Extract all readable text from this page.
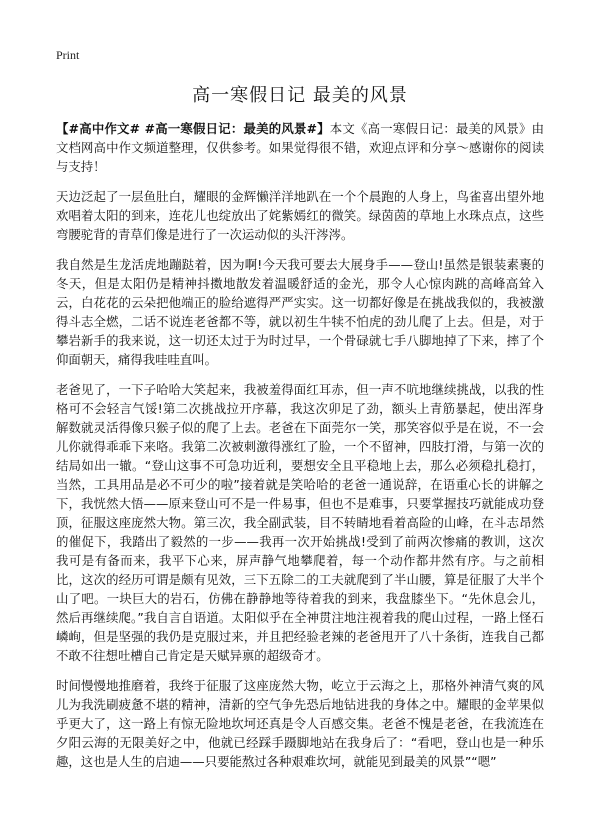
Print
高一寒假日记 最美的风景

【#高中作文# #高一寒假日记：最美的风景#】本文《高一寒假日记：最美的风景》由文档网高中作文频道整理，仅供参考。如果觉得很不错，欢迎点评和分享～感谢你的阅读与支持！

天边泛起了一层鱼肚白，耀眼的金辉懒洋洋地趴在一个个晨跑的人身上，鸟雀喜出望外地欢唱着太阳的到来，连花儿也绽放出了姹紫嫣红的微笑。绿茵茵的草地上水珠点点，这些弯腰驼背的青草们像是进行了一次运动似的头汗涔涔。

我自然是生龙活虎地蹦跶着，因为啊!今天我可要去大展身手——登山!虽然是银装素裹的冬天，但是太阳仍是精神抖擞地散发着温暖舒适的金光，那令人心惊肉跳的高峰高耸入云，白花花的云朵把他端正的脸给遮得严严实实。这一切都好像是在挑战我似的，我被激得斗志全燃，二话不说连老爸都不等，就以初生牛犊不怕虎的劲儿爬了上去。但是，对于攀岩新手的我来说，这一切还太过于为时过早，一个骨碌就七手八脚地掉了下来，摔了个仰面朝天，痛得我哇哇直叫。

老爸见了，一下子哈哈大笑起来，我被羞得面红耳赤，但一声不吭地继续挑战，以我的性格可不会轻言气馁!第二次挑战拉开序幕，我这次卯足了劲，额头上青筋暴起，使出浑身解数就灵活得像只猴子似的爬了上去。老爸在下面莞尔一笑，那笑容似乎是在说，不一会儿你就得乖乖下来咯。我第二次被刺激得涨红了脸，一个不留神，四肢打滑，与第一次的结局如出一辙。“登山这事不可急功近利，要想安全且平稳地上去，那么必须稳扎稳打，当然，工具用品是必不可少的啦”接着就是笑哈哈的老爸一通说辞，在语重心长的讲解之下，我恍然大悟——原来登山可不是一件易事，但也不是难事，只要掌握技巧就能成功登顶，征服这座庞然大物。第三次，我全副武装，目不转睛地看着高险的山峰，在斗志昂然的催促下，我踏出了毅然的一步——我再一次开始挑战!受到了前两次惨痛的教训，这次我可是有备而来，我平下心来，屏声静气地攀爬着，每一个动作都井然有序。与之前相比，这次的经历可谓是颇有见效，三下五除二的工夫就爬到了半山腰，算是征服了大半个山了吧。一块巨大的岩石，仿佛在静静地等待着我的到来，我盘膝坐下。“先休息会儿，然后再继续爬。”我自言自语道。太阳似乎在全神贯注地注视着我的爬山过程，一路上怪石嶙峋，但是坚强的我仍是克服过来，并且把经验老辣的老爸甩开了八十条街，连我自己都不敢不往想吐槽自己肯定是天赋异禀的超级奇才。

时间慢慢地推磨着，我终于征服了这座庞然大物，屹立于云海之上，那格外神清气爽的风儿为我洗刷疲惫不堪的精神，清新的空气争先恐后地钻进我的身体之中。耀眼的金苹果似乎更大了，这一路上有惊无险地坎坷还真是令人百感交集。老爸不愧是老爸，在我流连在夕阳云海的无限美好之中，他就已经踩手蹑脚地站在我身后了：“看吧，登山也是一种乐趣，这也是人生的启迪——只要能熬过各种艰难坎坷，就能见到最美的风景”“嗯”
